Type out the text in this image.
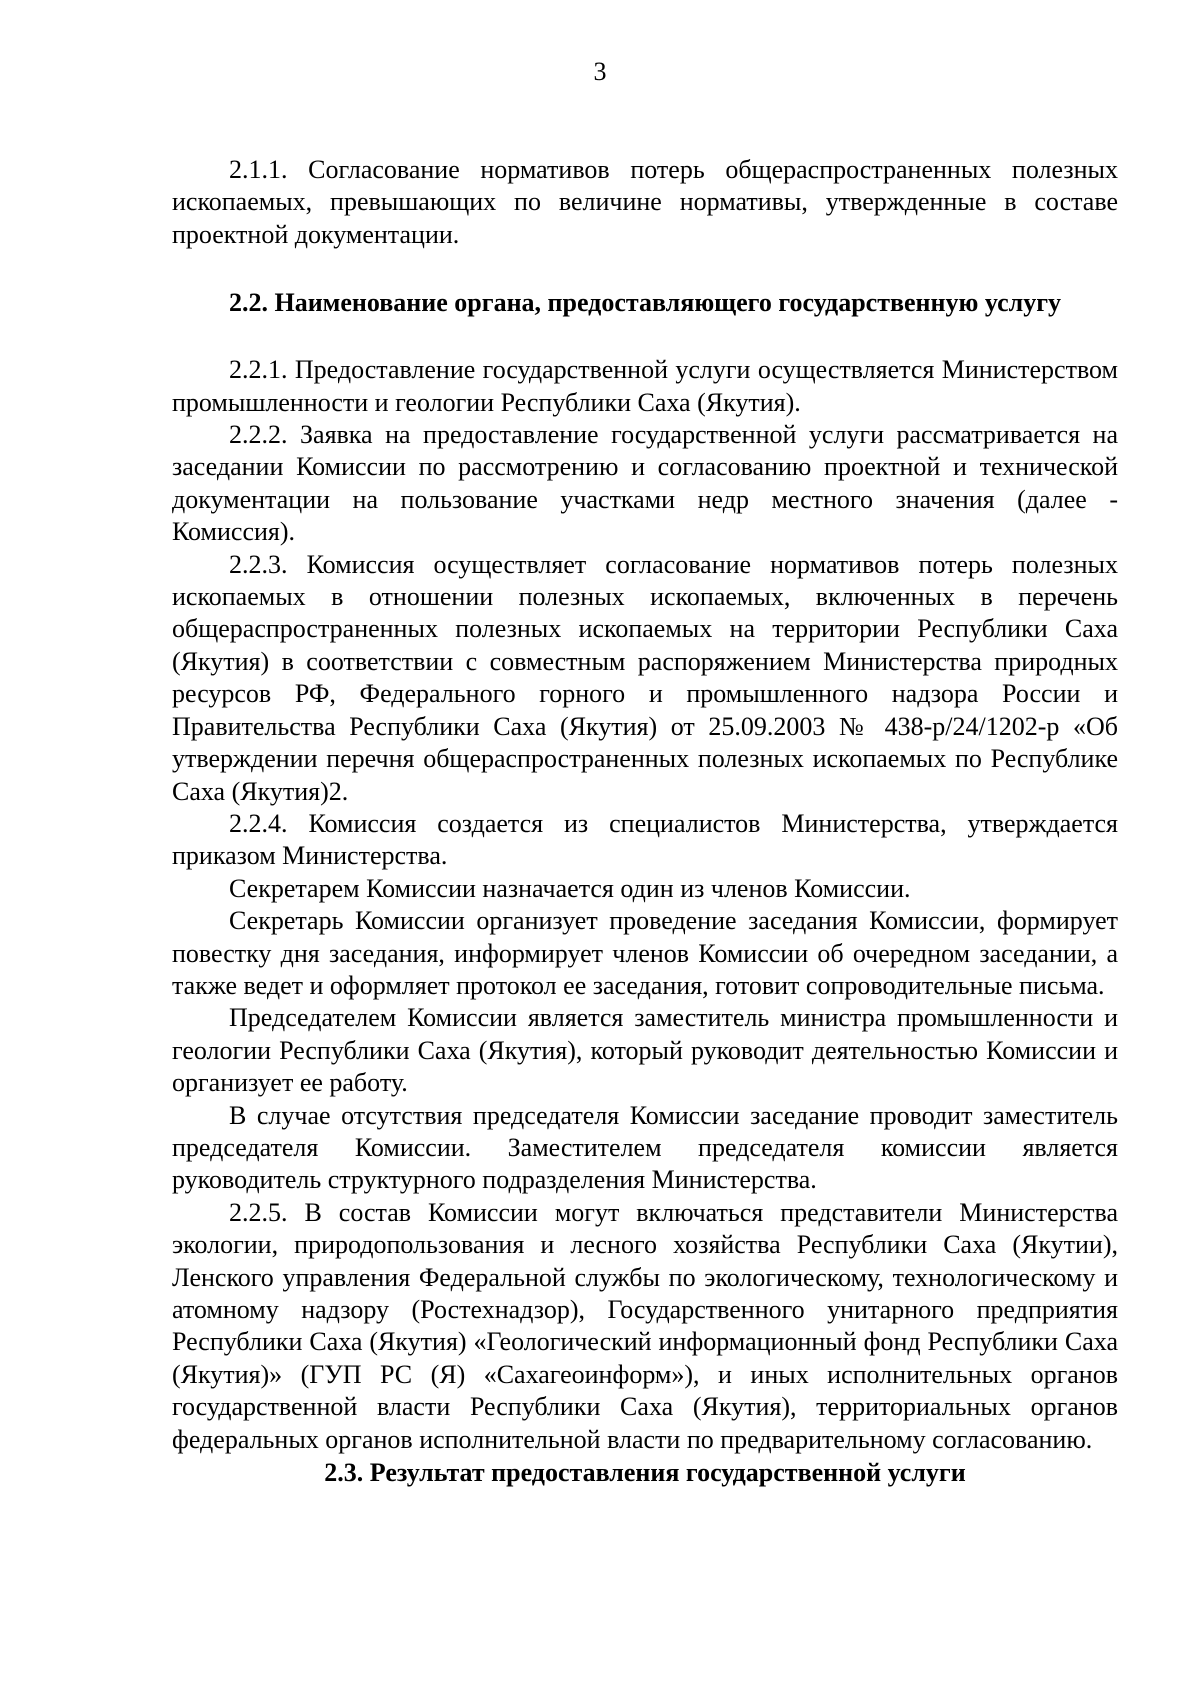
3

2.1.1. Согласование нормативов потерь общераспространенных полезных ископаемых, превышающих по величине нормативы, утвержденные в составе проектной документации.

2.2. Наименование органа, предоставляющего государственную услугу

2.2.1. Предоставление государственной услуги осуществляется Министерством промышленности и геологии Республики Саха (Якутия).

2.2.2. Заявка на предоставление государственной услуги рассматривается на заседании Комиссии по рассмотрению и согласованию проектной и технической документации на пользование участками недр местного значения (далее - Комиссия).

2.2.3. Комиссия осуществляет согласование нормативов потерь полезных ископаемых в отношении полезных ископаемых, включенных в перечень общераспространенных полезных ископаемых на территории Республики Саха (Якутия) в соответствии с совместным распоряжением Министерства природных ресурсов РФ, Федерального горного и промышленного надзора России и Правительства Республики Саха (Якутия) от 25.09.2003 № 438-р/24/1202-р «Об утверждении перечня общераспространенных полезных ископаемых по Республике Саха (Якутия)2.

2.2.4. Комиссия создается из специалистов Министерства, утверждается приказом Министерства.

Секретарем Комиссии назначается один из членов Комиссии.

Секретарь Комиссии организует проведение заседания Комиссии, формирует повестку дня заседания, информирует членов Комиссии об очередном заседании, а также ведет и оформляет протокол ее заседания, готовит сопроводительные письма.

Председателем Комиссии является заместитель министра промышленности и геологии Республики Саха (Якутия), который руководит деятельностью Комиссии и организует ее работу.

В случае отсутствия председателя Комиссии заседание проводит заместитель председателя Комиссии. Заместителем председателя комиссии является руководитель структурного подразделения Министерства.

2.2.5. В состав Комиссии могут включаться представители Министерства экологии, природопользования и лесного хозяйства Республики Саха (Якутии), Ленского управления Федеральной службы по экологическому, технологическому и атомному надзору (Ростехнадзор), Государственного унитарного предприятия Республики Саха (Якутия) «Геологический информационный фонд Республики Саха (Якутия)» (ГУП РС (Я) «Сахагеоинформ»), и иных исполнительных органов государственной власти Республики Саха (Якутия), территориальных органов федеральных органов исполнительной власти по предварительному согласованию.

2.3. Результат предоставления государственной услуги
